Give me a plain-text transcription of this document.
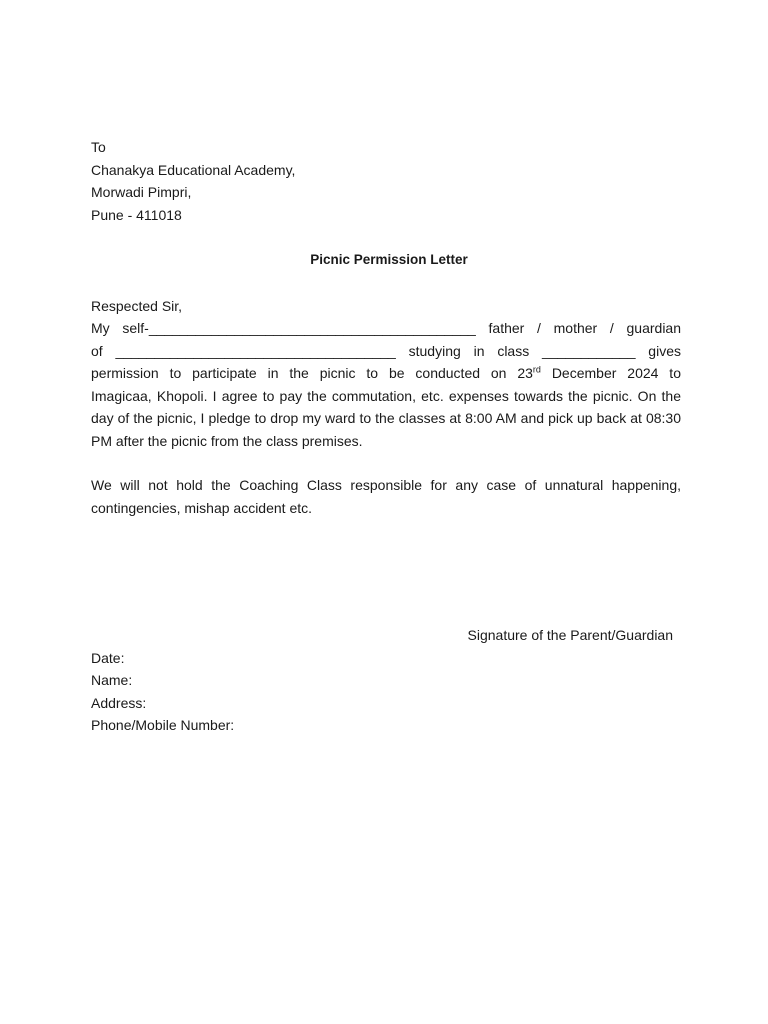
To
Chanakya Educational Academy,
Morwadi Pimpri,
Pune - 411018
Picnic Permission Letter
Respected Sir,
My self-__________________________________________ father / mother / guardian
of ____________________________________ studying in class ____________ gives
permission to participate in the picnic to be conducted on 23rd December 2024 to
Imagicaa, Khopoli. I agree to pay the commutation, etc. expenses towards the picnic. On the day of the picnic, I pledge to drop my ward to the classes at 8:00 AM and pick up back at 08:30 PM after the picnic from the class premises.
We will not hold the Coaching Class responsible for any case of unnatural happening, contingencies, mishap accident etc.
Signature of the Parent/Guardian
Date:
Name:
Address:
Phone/Mobile Number:
